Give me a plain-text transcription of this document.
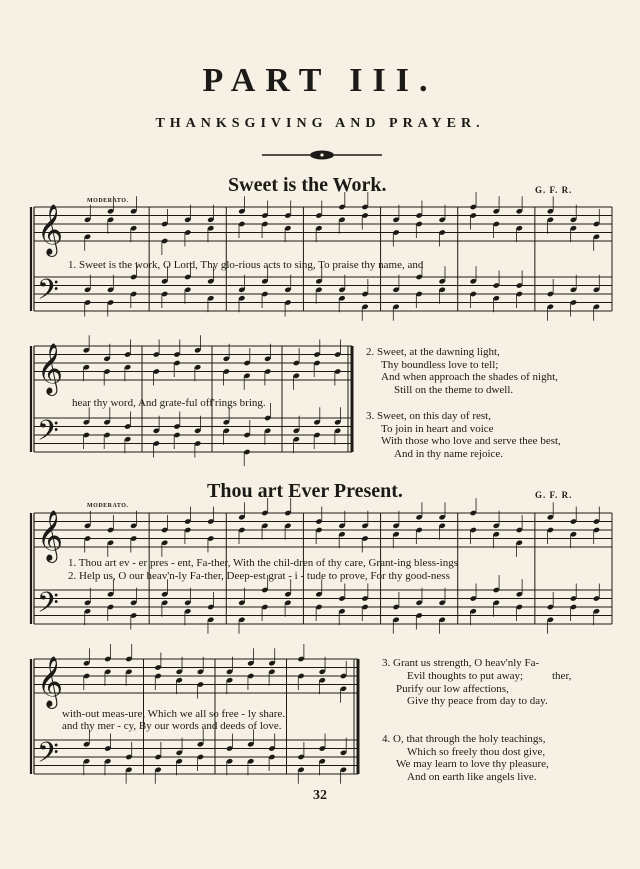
PART III.
THANKSGIVING AND PRAYER.
Sweet is the Work.	G. F. R.
MODERATO.
𝄞
𝄢
𝄞
𝄢
𝄞
𝄢
𝄞
𝄢
1. Sweet is the work, O Lord, Thy glo-rious acts to sing, To praise thy name, and
hear thy word, And grate-ful off'rings bring.
2. Sweet, at the dawning light,
Thy boundless love to tell;
And when approach the shades of night,
Still on the theme to dwell.
3. Sweet, on this day of rest,
To join in heart and voice
With those who love and serve thee best,
And in thy name rejoice.
Thou art Ever Present.	G. F. R.
MODERATO.
1. Thou art ev - er pres - ent, Fa-ther, With the chil-dren of thy care, Grant-ing bless-ings
2. Help us, O our heav'n-ly Fa-ther, Deep-est grat - i - tude to prove, For thy good-ness
with-out meas-ure, Which we all so free - ly share.
and thy mer - cy, By our words and deeds of love.
3. Grant us strength, O heav'nly Fa-
ther,
Evil thoughts to put away;
Purify our low affections,
Give thy peace from day to day.
4. O, that through the holy teachings,
Which so freely thou dost give,
We may learn to love thy pleasure,
And on earth like angels live.
32
